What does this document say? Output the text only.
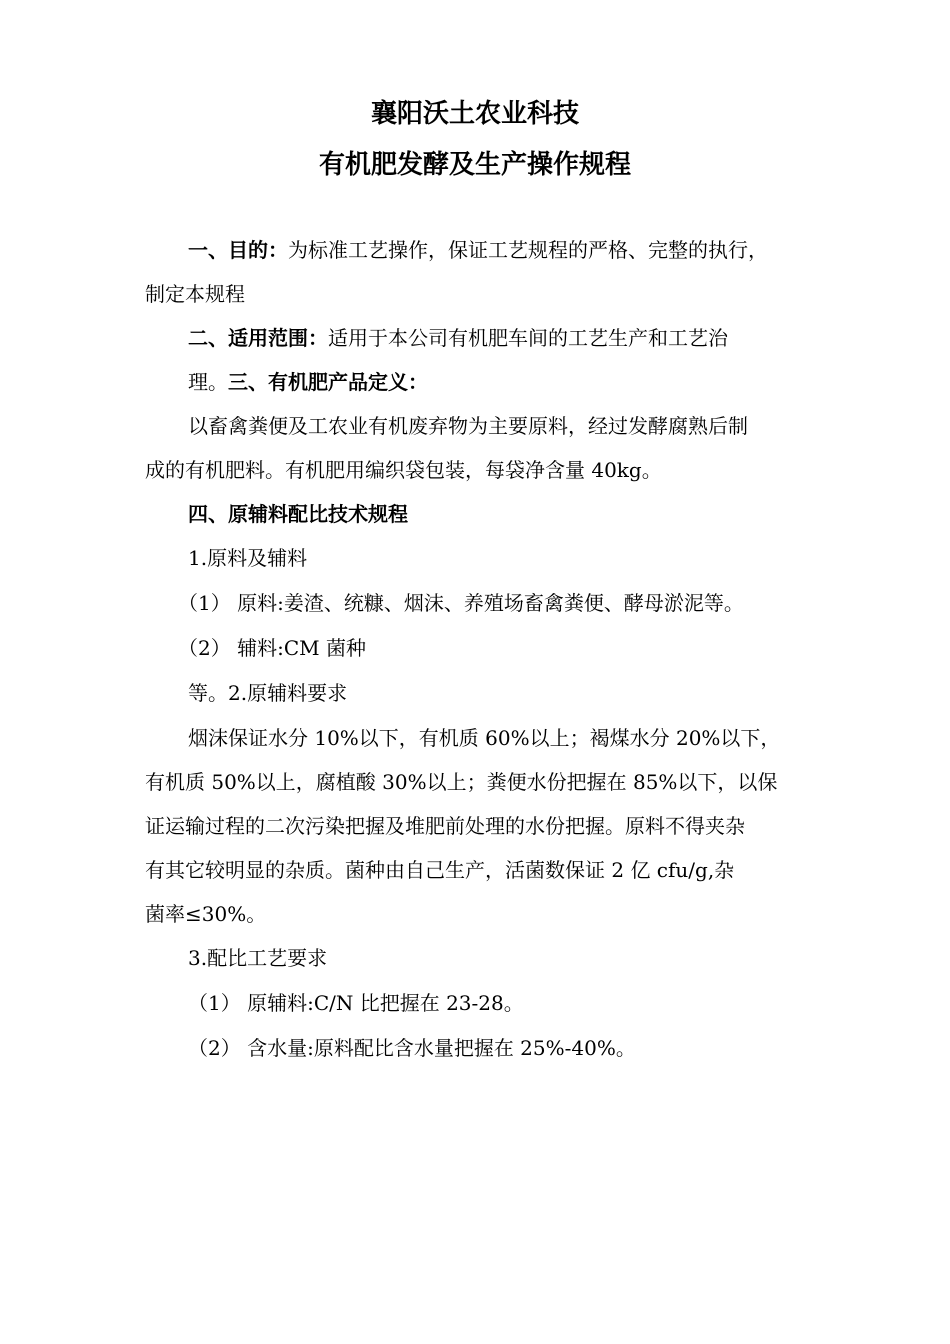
襄阳沃土农业科技
有机肥发酵及生产操作规程
一、目的：为标准工艺操作，保证工艺规程的严格、完整的执行，
制定本规程
二、适用范围：适用于本公司有机肥车间的工艺生产和工艺治
理。三、有机肥产品定义：
以畜禽粪便及工农业有机废弃物为主要原料，经过发酵腐熟后制
成的有机肥料。有机肥用编织袋包装，每袋净含量 40kg。
四、原辅料配比技术规程
1.原料及辅料
（1） 原料:姜渣、统糠、烟沫、养殖场畜禽粪便、酵母淤泥等。
（2） 辅料:CM 菌种
等。2.原辅料要求
烟沫保证水分 10%以下，有机质 60%以上；褐煤水分 20%以下，
有机质 50%以上，腐植酸 30%以上；粪便水份把握在 85%以下，以保
证运输过程的二次污染把握及堆肥前处理的水份把握。原料不得夹杂
有其它较明显的杂质。菌种由自己生产，活菌数保证 2 亿 cfu/g,杂
菌率≤30%。
3.配比工艺要求
（1） 原辅料:C/N 比把握在 23-28。
（2） 含水量:原料配比含水量把握在 25%-40%。
